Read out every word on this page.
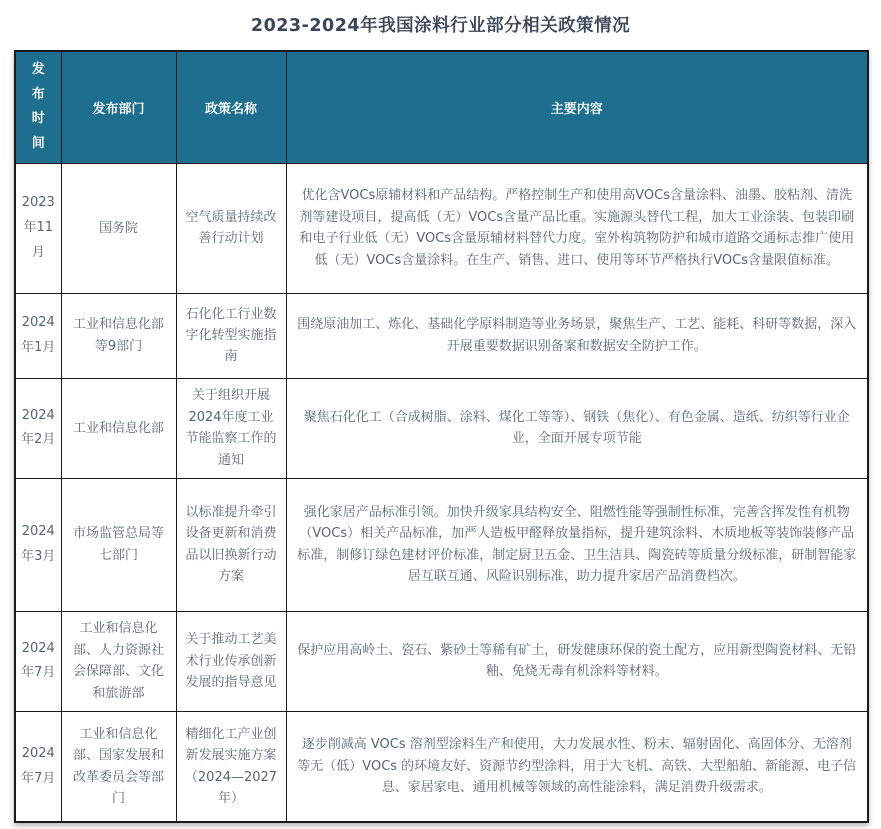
2023-2024年我国涂料行业部分相关政策情况
发布时间	发布部门	政策名称	主要内容
2023年11月	国务院	空气质量持续改善行动计划	优化含VOCs原辅材料和产品结构。严格控制生产和使用高VOCs含量涂料、油墨、胶粘剂、清洗剂等建设项目，提高低（无）VOCs含量产品比重。实施源头替代工程，加大工业涂装、包装印刷和电子行业低（无）VOCs含量原辅材料替代力度。室外构筑物防护和城市道路交通标志推广使用低（无）VOCs含量涂料。在生产、销售、进口、使用等环节严格执行VOCs含量限值标准。
2024年1月	工业和信息化部等9部门	石化化工行业数字化转型实施指南	围绕原油加工、炼化、基础化学原料制造等业务场景，聚焦生产、工艺、能耗、科研等数据，深入开展重要数据识别备案和数据安全防护工作。
2024年2月	工业和信息化部	关于组织开展2024年度工业节能监察工作的通知	聚焦石化化工（合成树脂、涂料、煤化工等等）、钢铁（焦化）、有色金属、造纸、纺织等行业企业，全面开展专项节能
2024年3月	市场监管总局等七部门	以标准提升牵引设备更新和消费品以旧换新行动方案	强化家居产品标准引领。加快升级家具结构安全、阻燃性能等强制性标准，完善含挥发性有机物（VOCs）相关产品标准，加严人造板甲醛释放量指标，提升建筑涂料、木质地板等装饰装修产品标准，制修订绿色建材评价标准，制定厨卫五金、卫生洁具、陶瓷砖等质量分级标准，研制智能家居互联互通、风险识别标准，助力提升家居产品消费档次。
2024年7月	工业和信息化部、人力资源社会保障部、文化和旅游部	关于推动工艺美术行业传承创新发展的指导意见	保护应用高岭土、瓷石、紫砂土等稀有矿土，研发健康环保的瓷土配方，应用新型陶瓷材料、无铅釉、免烧无毒有机涂料等材料。
2024年7月	工业和信息化部、国家发展和改革委员会等部门	精细化工产业创新发展实施方案（2024—2027年）	逐步削减高 VOCs 溶剂型涂料生产和使用，大力发展水性、粉末、辐射固化、高固体分、无溶剂等无（低）VOCs 的环境友好、资源节约型涂料，用于大飞机、高铁、大型船舶、新能源、电子信息、家居家电、通用机械等领域的高性能涂料，满足消费升级需求。
